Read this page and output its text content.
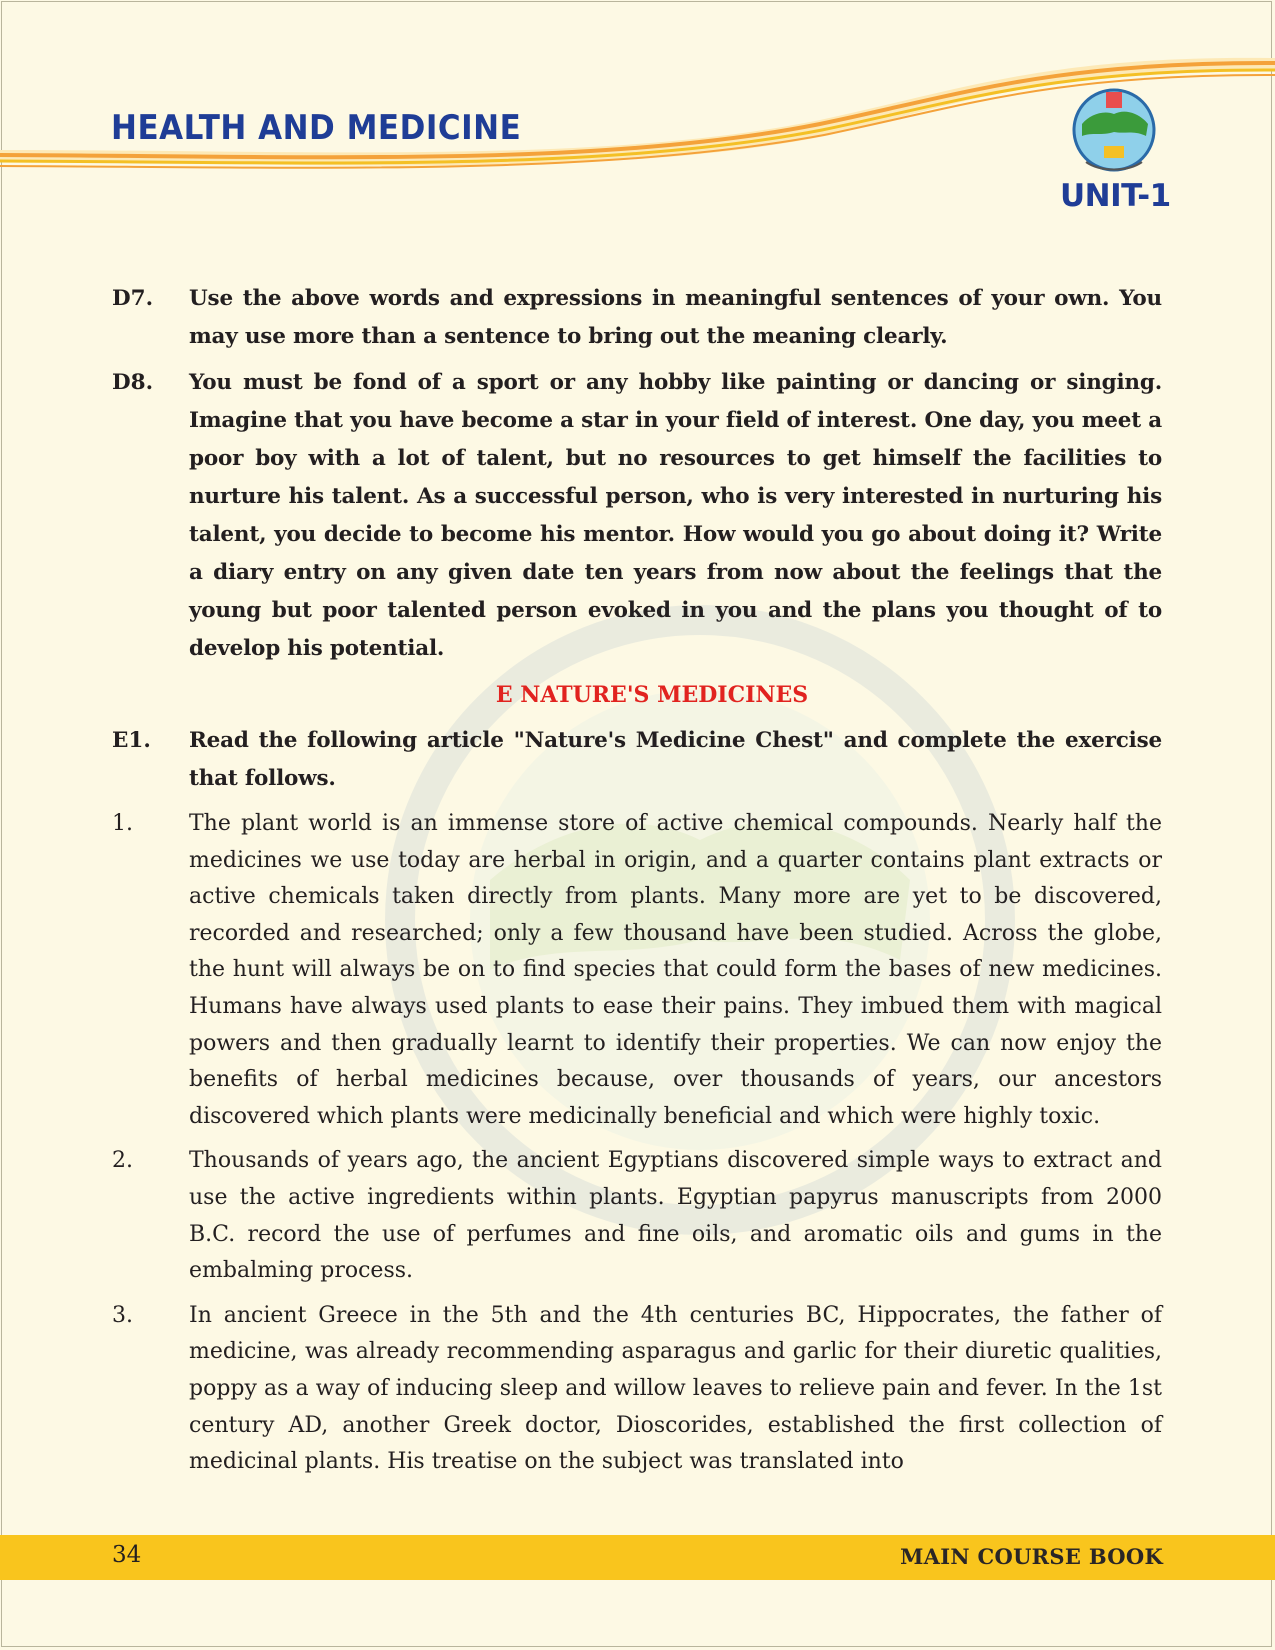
HEALTH AND MEDICINE
UNIT-1
D7.	Use the above words and expressions in meaningful sentences of your own. You may use more than a sentence to bring out the meaning clearly.
D8.	You must be fond of a sport or any hobby like painting or dancing or singing. Imagine that you have become a star in your field of interest. One day, you meet a poor boy with a lot of talent, but no resources to get himself the facilities to nurture his talent. As a successful person, who is very interested in nurturing his talent, you decide to become his mentor. How would you go about doing it? Write a diary entry on any given date ten years from now about the feelings that the young but poor talented person evoked in you and the plans you thought of to develop his potential.
E NATURE'S MEDICINES
E1.	Read the following article "Nature's Medicine Chest" and complete the exercise that follows.
1.	The plant world is an immense store of active chemical compounds. Nearly half the medicines we use today are herbal in origin, and a quarter contains plant extracts or active chemicals taken directly from plants. Many more are yet to be discovered, recorded and researched; only a few thousand have been studied. Across the globe, the hunt will always be on to find species that could form the bases of new medicines. Humans have always used plants to ease their pains. They imbued them with magical powers and then gradually learnt to identify their properties. We can now enjoy the benefits of herbal medicines because, over thousands of years, our ancestors discovered which plants were medicinally beneficial and which were highly toxic.
2.	Thousands of years ago, the ancient Egyptians discovered simple ways to extract and use the active ingredients within plants. Egyptian papyrus manuscripts from 2000 B.C. record the use of perfumes and fine oils, and aromatic oils and gums in the embalming process.
3.	In ancient Greece in the 5th and the 4th centuries BC, Hippocrates, the father of medicine, was already recommending asparagus and garlic for their diuretic qualities, poppy as a way of inducing sleep and willow leaves to relieve pain and fever. In the 1st century AD, another Greek doctor, Dioscorides, established the first collection of medicinal plants. His treatise on the subject was translated into
34	MAIN COURSE BOOK
